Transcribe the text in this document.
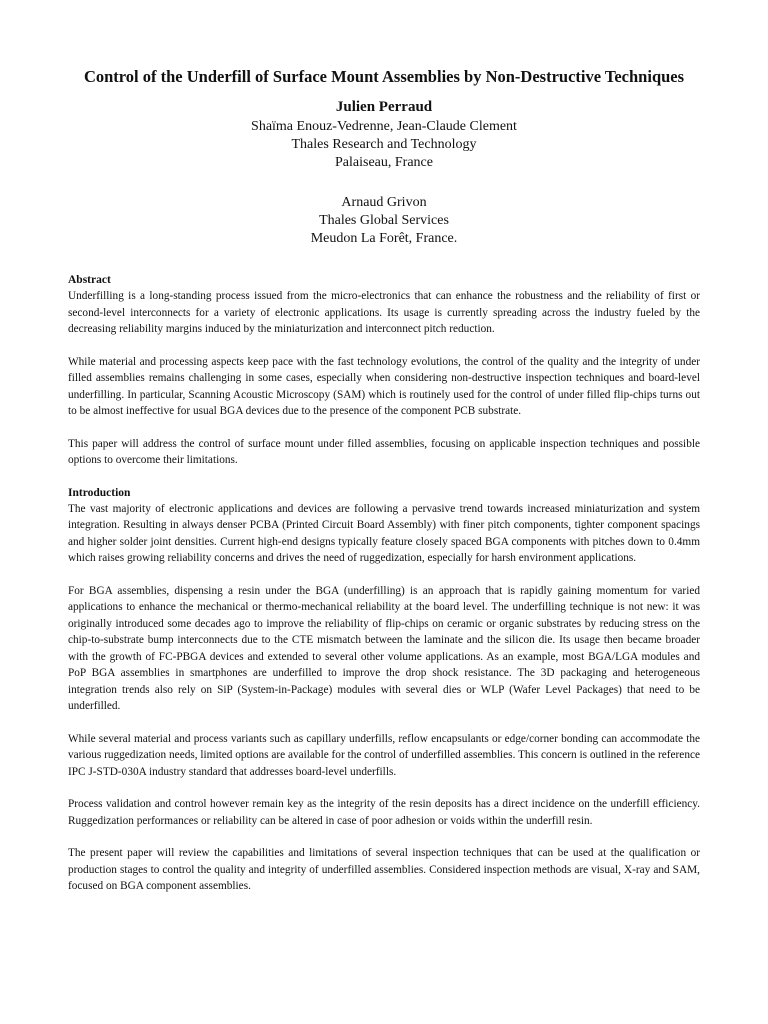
Control of the Underfill of Surface Mount Assemblies by Non-Destructive Techniques
Julien Perraud
Shaïma Enouz-Vedrenne, Jean-Claude Clement
Thales Research and Technology
Palaiseau, France
Arnaud Grivon
Thales Global Services
Meudon La Forêt, France.
Abstract

Underfilling is a long-standing process issued from the micro-electronics that can enhance the robustness and the reliability of first or second-level interconnects for a variety of electronic applications. Its usage is currently spreading across the industry fueled by the decreasing reliability margins induced by the miniaturization and interconnect pitch reduction.

While material and processing aspects keep pace with the fast technology evolutions, the control of the quality and the integrity of under filled assemblies remains challenging in some cases, especially when considering non-destructive inspection techniques and board-level underfilling. In particular, Scanning Acoustic Microscopy (SAM) which is routinely used for the control of under filled flip-chips turns out to be almost ineffective for usual BGA devices due to the presence of the component PCB substrate.

This paper will address the control of surface mount under filled assemblies, focusing on applicable inspection techniques and possible options to overcome their limitations.

Introduction

The vast majority of electronic applications and devices are following a pervasive trend towards increased miniaturization and system integration. Resulting in always denser PCBA (Printed Circuit Board Assembly) with finer pitch components, tighter component spacings and higher solder joint densities. Current high-end designs typically feature closely spaced BGA components with pitches down to 0.4mm which raises growing reliability concerns and drives the need of ruggedization, especially for harsh environment applications.

For BGA assemblies, dispensing a resin under the BGA (underfilling) is an approach that is rapidly gaining momentum for varied applications to enhance the mechanical or thermo-mechanical reliability at the board level. The underfilling technique is not new: it was originally introduced some decades ago to improve the reliability of flip-chips on ceramic or organic substrates by reducing stress on the chip-to-substrate bump interconnects due to the CTE mismatch between the laminate and the silicon die. Its usage then became broader with the growth of FC-PBGA devices and extended to several other volume applications. As an example, most BGA/LGA modules and PoP BGA assemblies in smartphones are underfilled to improve the drop shock resistance. The 3D packaging and heterogeneous integration trends also rely on SiP (System-in-Package) modules with several dies or WLP (Wafer Level Packages) that need to be underfilled.

While several material and process variants such as capillary underfills, reflow encapsulants or edge/corner bonding can accommodate the various ruggedization needs, limited options are available for the control of underfilled assemblies. This concern is outlined in the reference IPC J-STD-030A industry standard that addresses board-level underfills.

Process validation and control however remain key as the integrity of the resin deposits has a direct incidence on the underfill efficiency. Ruggedization performances or reliability can be altered in case of poor adhesion or voids within the underfill resin.

The present paper will review the capabilities and limitations of several inspection techniques that can be used at the qualification or production stages to control the quality and integrity of underfilled assemblies. Considered inspection methods are visual, X-ray and SAM, focused on BGA component assemblies.
